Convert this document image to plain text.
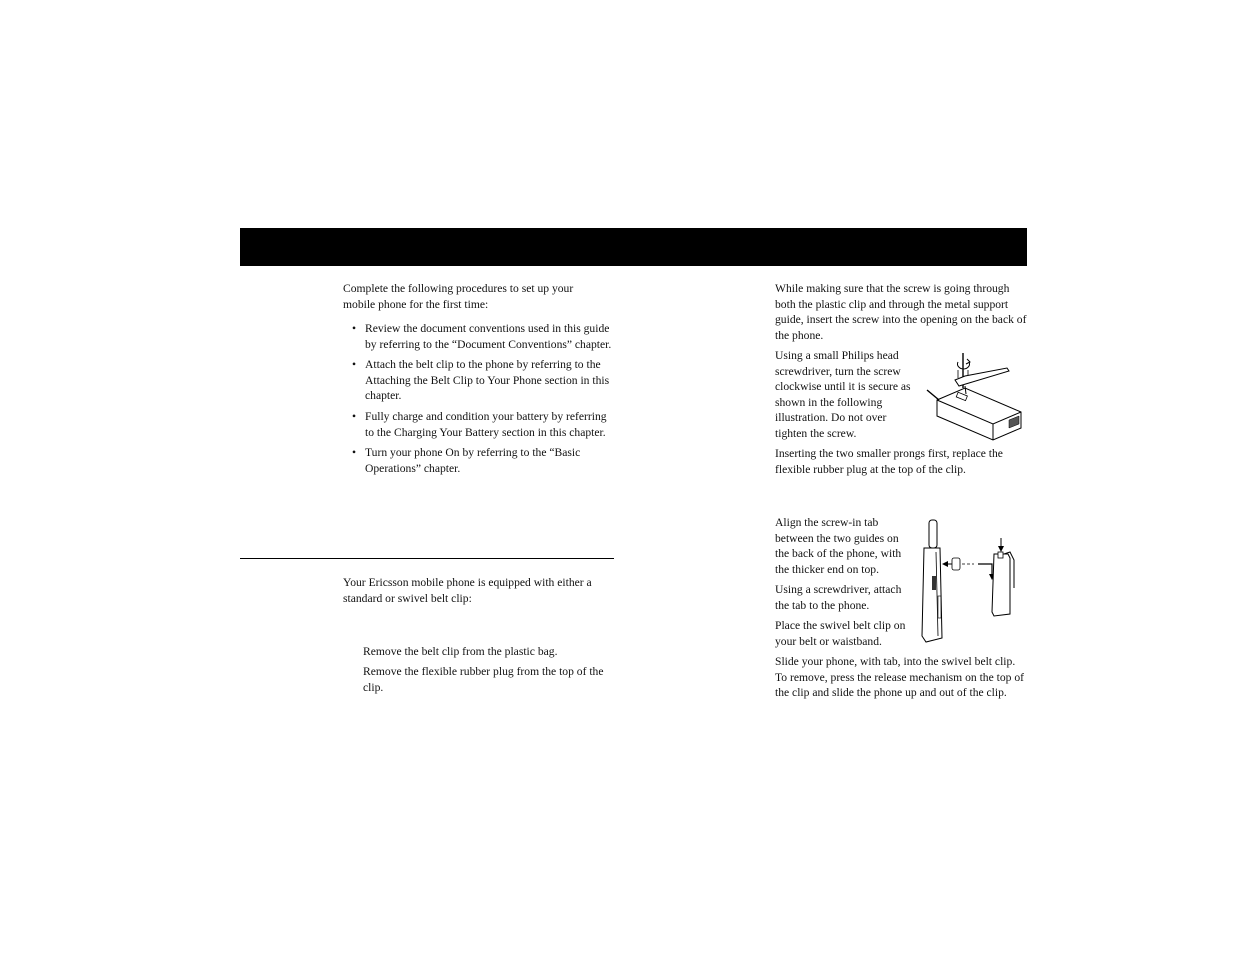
Complete the following procedures to set up your mobile phone for the first time:

• Review the document conventions used in this guide by referring to the “Document Conventions” chapter.
• Attach the belt clip to the phone by referring to the Attaching the Belt Clip to Your Phone section in this chapter.
• Fully charge and condition your battery by referring to the Charging Your Battery section in this chapter.
• Turn your phone On by referring to the “Basic Operations” chapter.

Your Ericsson mobile phone is equipped with either a standard or swivel belt clip:

Remove the belt clip from the plastic bag.

Remove the flexible rubber plug from the top of the clip.

While making sure that the screw is going through both the plastic clip and through the metal support guide, insert the screw into the opening on the back of the phone.

Using a small Philips head screwdriver, turn the screw clockwise until it is secure as shown in the following illustration. Do not over tighten the screw.

Inserting the two smaller prongs first, replace the flexible rubber plug at the top of the clip.

Align the screw-in tab between the two guides on the back of the phone, with the thicker end on top.

Using a screwdriver, attach the tab to the phone.

Place the swivel belt clip on your belt or waistband.

Slide your phone, with tab, into the swivel belt clip. To remove, press the release mechanism on the top of the clip and slide the phone up and out of the clip.
